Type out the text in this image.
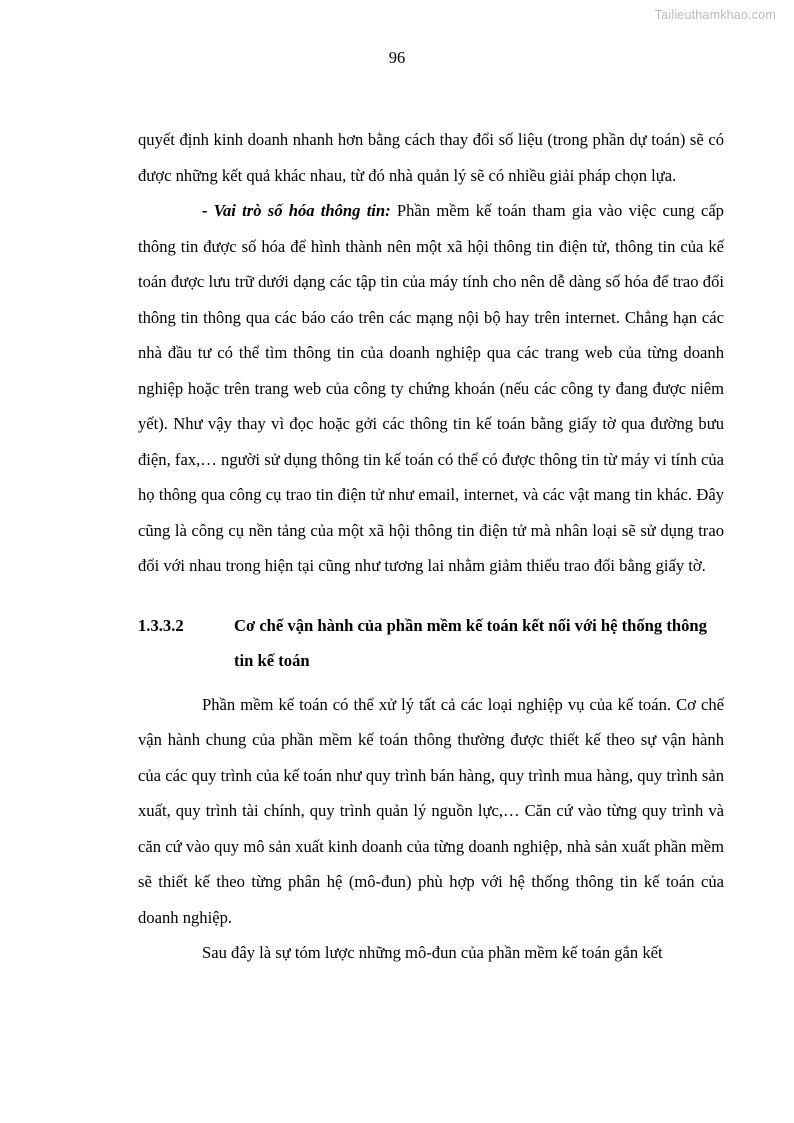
Tailieuthamkhao.com
96

quyết định kinh doanh nhanh hơn bằng cách thay đổi số liệu (trong phần dự toán) sẽ có được những kết quả khác nhau, từ đó nhà quản lý sẽ có nhiều giải pháp chọn lựa.

- Vai trò số hóa thông tin: Phần mềm kế toán tham gia vào việc cung cấp thông tin được số hóa để hình thành nên một xã hội thông tin điện tử, thông tin của kế toán được lưu trữ dưới dạng các tập tin của máy tính cho nên dễ dàng số hóa để trao đổi thông tin thông qua các báo cáo trên các mạng nội bộ hay trên internet. Chẳng hạn các nhà đầu tư có thể tìm thông tin của doanh nghiệp qua các trang web của từng doanh nghiệp hoặc trên trang web của công ty chứng khoán (nếu các công ty đang được niêm yết). Như vậy thay vì đọc hoặc gởi các thông tin kế toán bằng giấy tờ qua đường bưu điện, fax,… người sử dụng thông tin kế toán có thể có được thông tin từ máy vi tính của họ thông qua công cụ trao tin điện tử như email, internet, và các vật mang tin khác. Đây cũng là công cụ nền tảng của một xã hội thông tin điện tử mà nhân loại sẽ sử dụng trao đổi với nhau trong hiện tại cũng như tương lai nhằm giảm thiểu trao đổi bằng giấy tờ.

1.3.3.2	Cơ chế vận hành của phần mềm kế toán kết nối với hệ thống thông tin kế toán

Phần mềm kế toán có thể xử lý tất cả các loại nghiệp vụ của kế toán. Cơ chế vận hành chung của phần mềm kế toán thông thường được thiết kế theo sự vận hành của các quy trình của kế toán như quy trình bán hàng, quy trình mua hàng, quy trình sản xuất, quy trình tài chính, quy trình quản lý nguồn lực,… Căn cứ vào từng quy trình và căn cứ vào quy mô sản xuất kinh doanh của từng doanh nghiệp, nhà sản xuất phần mềm sẽ thiết kế theo từng phân hệ (mô-đun) phù hợp với hệ thống thông tin kế toán của doanh nghiệp.

Sau đây là sự tóm lược những mô-đun của phần mềm kế toán gắn kết
